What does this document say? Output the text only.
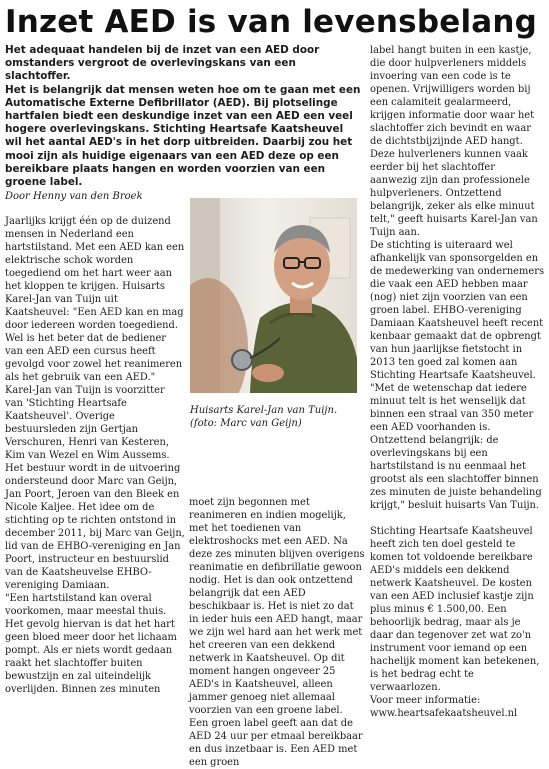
Inzet AED is van levensbelang

Het adequaat handelen bij de inzet van een AED door omstanders vergroot de overlevingskans van een slachtoffer.

Het is belangrijk dat mensen weten hoe om te gaan met een Automatische Externe Defibrillator (AED). Bij plotselinge hartfalen biedt een deskundige inzet van een AED een veel hogere overlevingskans. Stichting Heartsafe Kaatsheuvel wil het aantal AED's in het dorp uitbreiden. Daarbij zou het mooi zijn als huidige eigenaars van een AED deze op een bereikbare plaats hangen en worden voorzien van een groene label.

Door Henny van den Broek

Jaarlijks krijgt één op de duizend mensen in Nederland een hartstilstand. Met een AED kan een elektrische schok worden toegediend om het hart weer aan het kloppen te krijgen. Huisarts Karel-Jan van Tuijn uit Kaatsheuvel: "Een AED kan en mag door iedereen worden toegediend. Wel is het beter dat de bediener van een AED een cursus heeft gevolgd voor zowel het reanimeren als het gebruik van een AED."

Karel-Jan van Tuijn is voorzitter van 'Stichting Heartsafe Kaatsheuvel'. Overige bestuursleden zijn Gertjan Verschuren, Henri van Kesteren, Kim van Wezel en Wim Aussems. Het bestuur wordt in de uitvoering ondersteund door Marc van Geijn, Jan Poort, Jeroen van den Bleek en Nicole Kaljee. Het idee om de stichting op te richten ontstond in december 2011, bij Marc van Geijn, lid van de EHBO-vereniging en Jan Poort, instructeur en bestuurslid van de Kaatsheuvelse EHBO-vereniging Damiaan.

"Een hartstilstand kan overal voorkomen, maar meestal thuis. Het gevolg hiervan is dat het hart geen bloed meer door het lichaam pompt. Als er niets wordt gedaan raakt het slachtoffer buiten bewustzijn en zal uiteindelijk overlijden. Binnen zes minuten

Huisarts Karel-Jan van Tuijn.

(foto: Marc van Geijn)

moet zijn begonnen met reanimeren en indien mogelijk, met het toedienen van elektroshocks met een AED. Na deze zes minuten blijven overigens reanimatie en defibrillatie gewoon nodig. Het is dan ook ontzettend belangrijk dat een AED beschikbaar is. Het is niet zo dat in ieder huis een AED hangt, maar we zijn wel hard aan het werk met het creeren van een dekkend netwerk in Kaatsheuvel. Op dit moment hangen ongeveer 25 AED's in Kaatsheuvel, alleen jammer genoeg niet allemaal voorzien van een groene label. Een groen label geeft aan dat de AED 24 uur per etmaal bereikbaar en dus inzetbaar is. Een AED met een groen

label hangt buiten in een kastje, die door hulpverleners middels invoering van een code is te openen. Vrijwilligers worden bij een calamiteit gealarmeerd, krijgen informatie door waar het slachtoffer zich bevindt en waar de dichtstbijzijnde AED hangt. Deze hulverleners kunnen vaak eerder bij het slachtoffer aanwezig zijn dan professionele hulpverleners. Ontzettend belangrijk, zeker als elke minuut telt," geeft huisarts Karel-Jan van Tuijn aan.

De stichting is uiteraard wel afhankelijk van sponsorgelden en de medewerking van ondernemers die vaak een AED hebben maar (nog) niet zijn voorzien van een groen label. EHBO-vereniging Damiaan Kaatsheuvel heeft recent kenbaar gemaakt dat de opbrengt van hun jaarlijkse fietstocht in 2013 ten goed zal komen aan Stichting Heartsafe Kaatsheuvel. "Met de wetenschap dat iedere minuut telt is het wenselijk dat binnen een straal van 350 meter een AED voorhanden is. Ontzettend belangrijk: de overlevingskans bij een hartstilstand is nu eenmaal het grootst als een slachtoffer binnen zes minuten de juiste behandeling krijgt," besluit huisarts Van Tuijn.

Stichting Heartsafe Kaatsheuvel heeft zich ten doel gesteld te komen tot voldoende bereikbare AED's middels een dekkend netwerk Kaatsheuvel. De kosten van een AED inclusief kastje zijn plus minus € 1.500,00. Een behoorlijk bedrag, maar als je daar dan tegenover zet wat zo'n instrument voor iemand op een hachelijk moment kan betekenen, is het bedrag echt te verwaarlozen.

Voor meer informatie:

www.heartsafekaatsheuvel.nl
